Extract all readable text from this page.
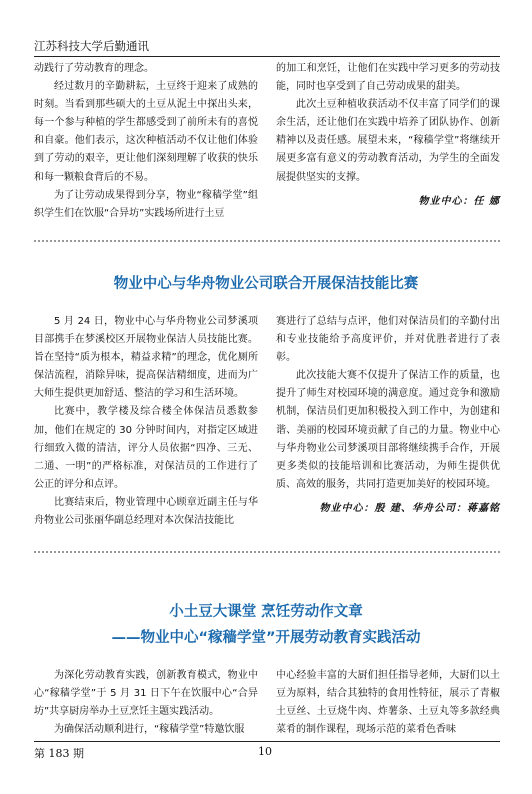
江苏科技大学后勤通讯

动践行了劳动教育的理念。

经过数月的辛勤耕耘，土豆终于迎来了成熟的时刻。当看到那些硕大的土豆从泥土中探出头来，每一个参与种植的学生都感受到了前所未有的喜悦和自豪。他们表示，这次种植活动不仅让他们体验到了劳动的艰辛，更让他们深刻理解了收获的快乐和每一颗粮食背后的不易。

为了让劳动成果得到分享，物业“稼穑学堂”组织学生们在饮服“合异坊”实践场所进行土豆

的加工和烹饪，让他们在实践中学习更多的劳动技能，同时也享受到了自己劳动成果的甜美。

此次土豆种植收获活动不仅丰富了同学们的课余生活，还让他们在实践中培养了团队协作、创新精神以及责任感。展望未来，“稼穑学堂”将继续开展更多富有意义的劳动教育活动，为学生的全面发展提供坚实的支撑。

物业中心：任 娜

物业中心与华舟物业公司联合开展保洁技能比赛

5 月 24 日，物业中心与华舟物业公司梦溪项目部携手在梦溪校区开展物业保洁人员技能比赛。旨在坚持“质为根本，精益求精”的理念，优化厕所保洁流程，消除异味，提高保洁精细度，进而为广大师生提供更加舒适、整洁的学习和生活环境。

比赛中，教学楼及综合楼全体保洁员悉数参加，他们在规定的 30 分钟时间内，对指定区域进行细致入微的清洁，评分人员依据“四净、三无、二通、一明”的严格标准，对保洁员的工作进行了公正的评分和点评。

比赛结束后，物业管理中心顾章近副主任与华舟物业公司张丽华副总经理对本次保洁技能比

赛进行了总结与点评，他们对保洁员们的辛勤付出和专业技能给予高度评价，并对优胜者进行了表彰。

此次技能大赛不仅提升了保洁工作的质量，也提升了师生对校园环境的满意度。通过竞争和激励机制，保洁员们更加积极投入到工作中，为创建和谐、美丽的校园环境贡献了自己的力量。物业中心与华舟物业公司梦溪项目部将继续携手合作，开展更多类似的技能培训和比赛活动，为师生提供优质、高效的服务，共同打造更加美好的校园环境。

物业中心：殷 建、华舟公司：蒋嘉铭

小土豆大课堂 烹饪劳动作文章
——物业中心“稼穑学堂”开展劳动教育实践活动

为深化劳动教育实践，创新教育模式，物业中心“稼穑学堂”于 5 月 31 日下午在饮服中心“合异坊”共享厨房举办土豆烹饪主题实践活动。

为确保活动顺利进行，“稼穑学堂”特邀饮服

中心经验丰富的大厨们担任指导老师，大厨们以土豆为原料，结合其独特的食用性特征，展示了青椒土豆丝、土豆烧牛肉、炸薯条、土豆丸等多款经典菜肴的制作课程，现场示范的菜肴色香味

第 183 期	10
